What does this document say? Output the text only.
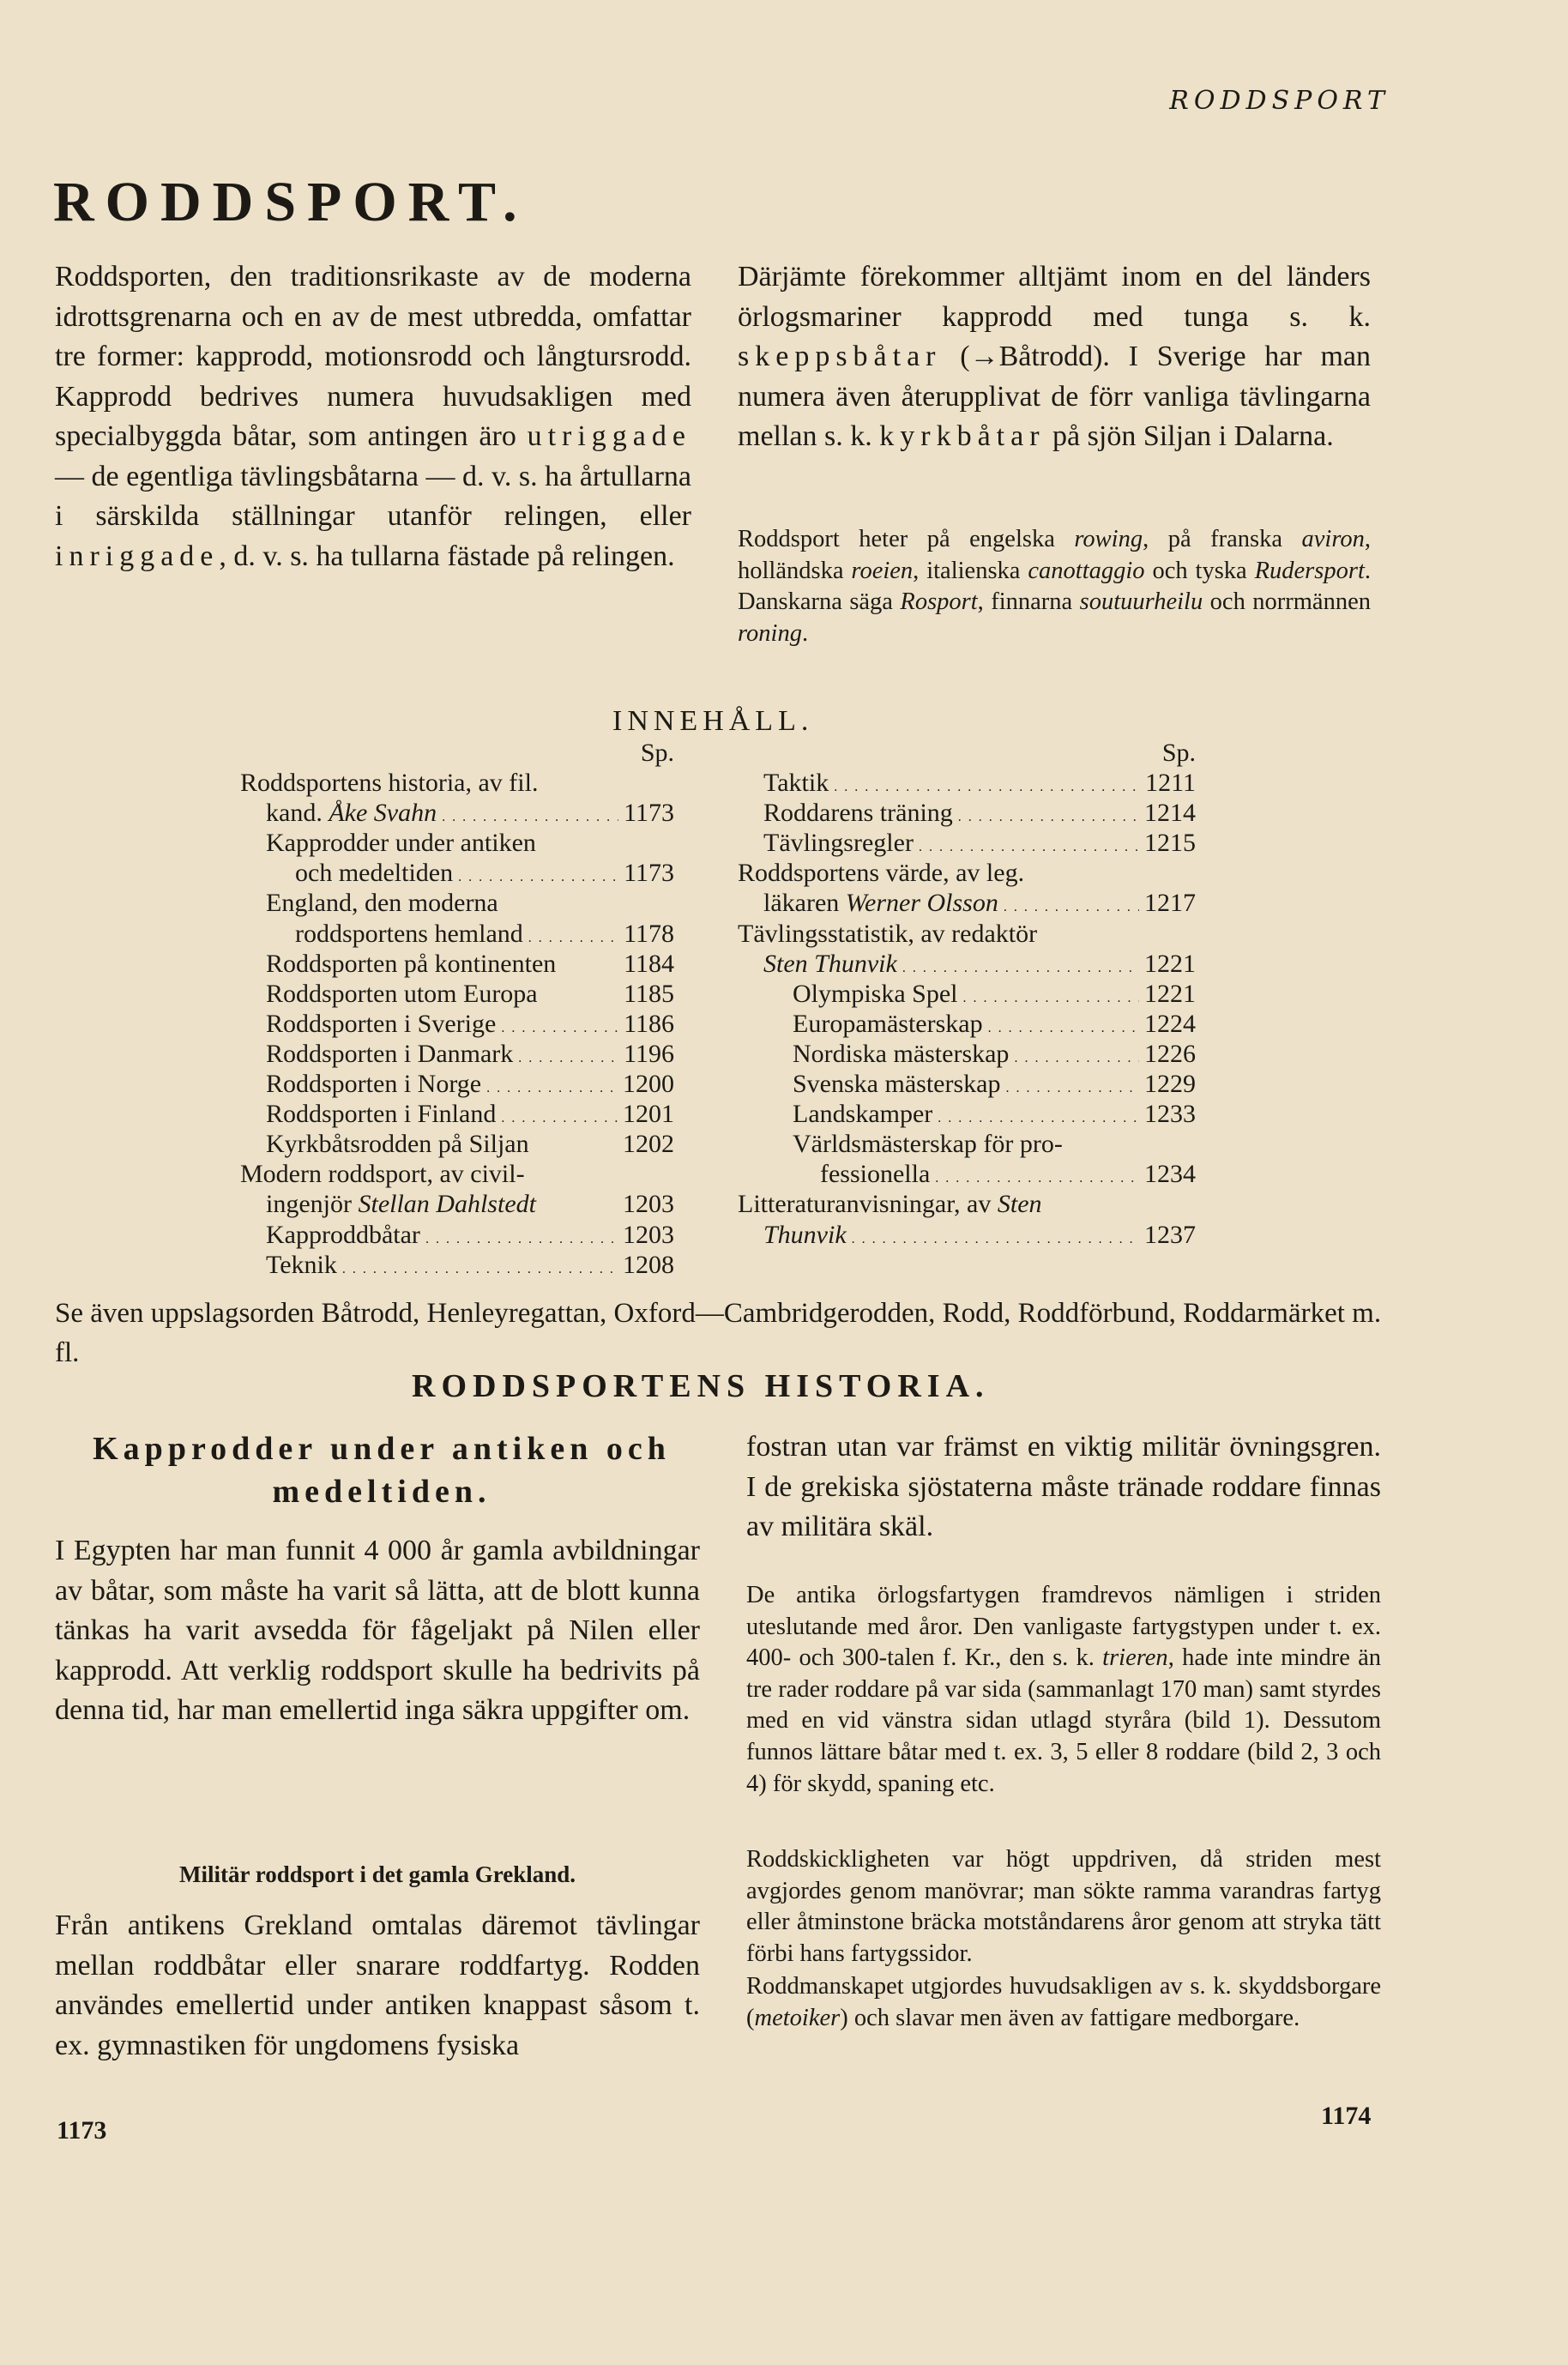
RODDSPORT
RODDSPORT.
Roddsporten, den traditionsrikaste av de moderna idrottsgrenarna och en av de mest utbredda, omfattar tre former: kapprodd, motionsrodd och långtursrodd. Kapprodd bedrives numera huvudsakligen med specialbyggda båtar, som antingen äro utriggade — de egentliga tävlingsbåtarna — d. v. s. ha årtullarna i särskilda ställningar utanför relingen, eller inriggade, d. v. s. ha tullarna fästade på relingen.
Därjämte förekommer alltjämt inom en del länders örlogsmariner kapprodd med tunga s. k. skeppsbåtar (→Båtrodd). I Sverige har man numera även återupplivat de förr vanliga tävlingarna mellan s. k. kyrkbåtar på sjön Siljan i Dalarna.
Roddsport heter på engelska rowing, på franska aviron, holländska roeien, italienska canottaggio och tyska Rudersport. Danskarna säga Rosport, finnarna soutuurheilu och norrmännen roning.
INNEHÅLL.
Sp.
Roddsportens historia, av fil.
kand. Åke Svahn . . .	1173
Kapprodder under antiken
och medeltiden . . .	1173
England, den moderna
roddsportens hemland . . .	1178
Roddsporten på kontinenten	1184
Roddsporten utom Europa	1185
Roddsporten i Sverige . . .	1186
Roddsporten i Danmark . . .	1196
Roddsporten i Norge . . .	1200
Roddsporten i Finland . . .	1201
Kyrkbåtsrodden på Siljan	1202
Modern roddsport, av civil-
ingenjör Stellan Dahlstedt	1203
Kapproddbåtar . . .	1203
Teknik . . .	1208
Sp.
Taktik . . .	1211
Roddarens träning . . .	1214
Tävlingsregler . . .	1215
Roddsportens värde, av leg.
läkaren Werner Olsson . . .	1217
Tävlingsstatistik, av redaktör
Sten Thunvik . . .	1221
Olympiska Spel . . .	1221
Europamästerskap . . .	1224
Nordiska mästerskap . . .	1226
Svenska mästerskap . . .	1229
Landskamper . . .	1233
Världsmästerskap för pro-
fessionella . . .	1234
Litteraturanvisningar, av Sten
Thunvik . . .	1237
Se även uppslagsorden Båtrodd, Henleyregattan, Oxford—Cambridgerodden, Rodd, Roddförbund, Roddarmärket m. fl.
RODDSPORTENS HISTORIA.
Kapprodder under antiken och medeltiden.
I Egypten har man funnit 4 000 år gamla avbildningar av båtar, som måste ha varit så lätta, att de blott kunna tänkas ha varit avsedda för fågeljakt på Nilen eller kapprodd. Att verklig roddsport skulle ha bedrivits på denna tid, har man emellertid inga säkra uppgifter om.
Militär roddsport i det gamla Grekland.
Från antikens Grekland omtalas däremot tävlingar mellan roddbåtar eller snarare roddfartyg. Rodden användes emellertid under antiken knappast såsom t. ex. gymnastiken för ungdomens fysiska
fostran utan var främst en viktig militär övningsgren. I de grekiska sjöstaterna måste tränade roddare finnas av militära skäl.
De antika örlogsfartygen framdrevos nämligen i striden uteslutande med åror. Den vanligaste fartygstypen under t. ex. 400- och 300-talen f. Kr., den s. k. trieren, hade inte mindre än tre rader roddare på var sida (sammanlagt 170 man) samt styrdes med en vid vänstra sidan utlagd styråra (bild 1). Dessutom funnos lättare båtar med t. ex. 3, 5 eller 8 roddare (bild 2, 3 och 4) för skydd, spaning etc.
Roddskickligheten var högt uppdriven, då striden mest avgjordes genom manövrar; man sökte ramma varandras fartyg eller åtminstone bräcka motståndarens åror genom att stryka tätt förbi hans fartygssidor.
Roddmanskapet utgjordes huvudsakligen av s. k. skyddsborgare (metoiker) och slavar men även av fattigare medborgare.
1173
1174
